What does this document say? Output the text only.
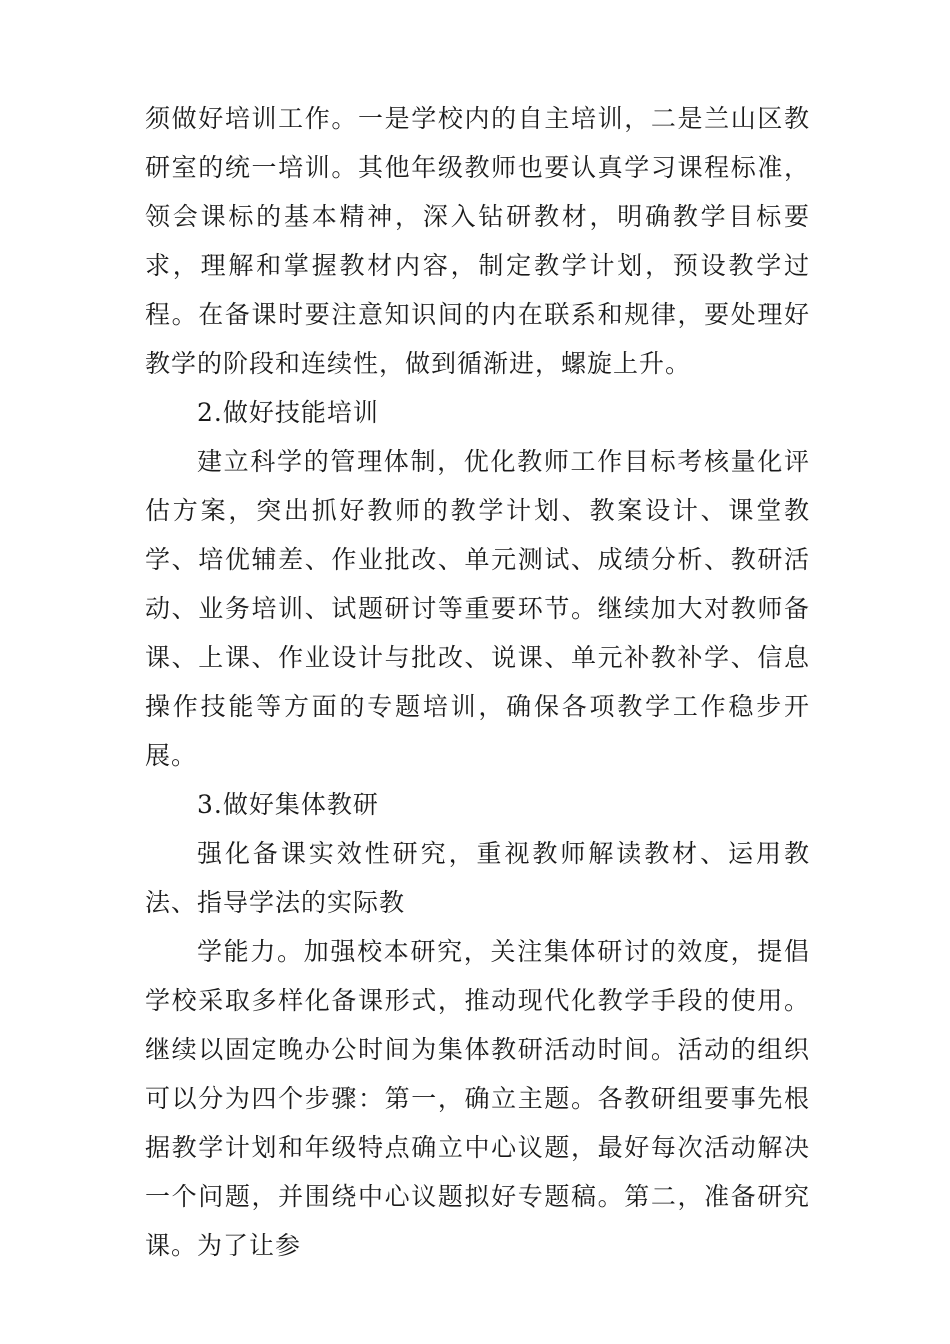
须做好培训工作。一是学校内的自主培训，二是兰山区教研室的统一培训。其他年级教师也要认真学习课程标准，领会课标的基本精神，深入钻研教材，明确教学目标要求，理解和掌握教材内容，制定教学计划，预设教学过程。在备课时要注意知识间的内在联系和规律，要处理好教学的阶段和连续性，做到循渐进，螺旋上升。

2.做好技能培训

建立科学的管理体制，优化教师工作目标考核量化评估方案，突出抓好教师的教学计划、教案设计、课堂教学、培优辅差、作业批改、单元测试、成绩分析、教研活动、业务培训、试题研讨等重要环节。继续加大对教师备课、上课、作业设计与批改、说课、单元补教补学、信息操作技能等方面的专题培训，确保各项教学工作稳步开展。

3.做好集体教研

强化备课实效性研究，重视教师解读教材、运用教法、指导学法的实际教

学能力。加强校本研究，关注集体研讨的效度，提倡学校采取多样化备课形式，推动现代化教学手段的使用。继续以固定晚办公时间为集体教研活动时间。活动的组织可以分为四个步骤：第一，确立主题。各教研组要事先根据教学计划和年级特点确立中心议题，最好每次活动解决一个问题，并围绕中心议题拟好专题稿。第二，准备研究课。为了让参
